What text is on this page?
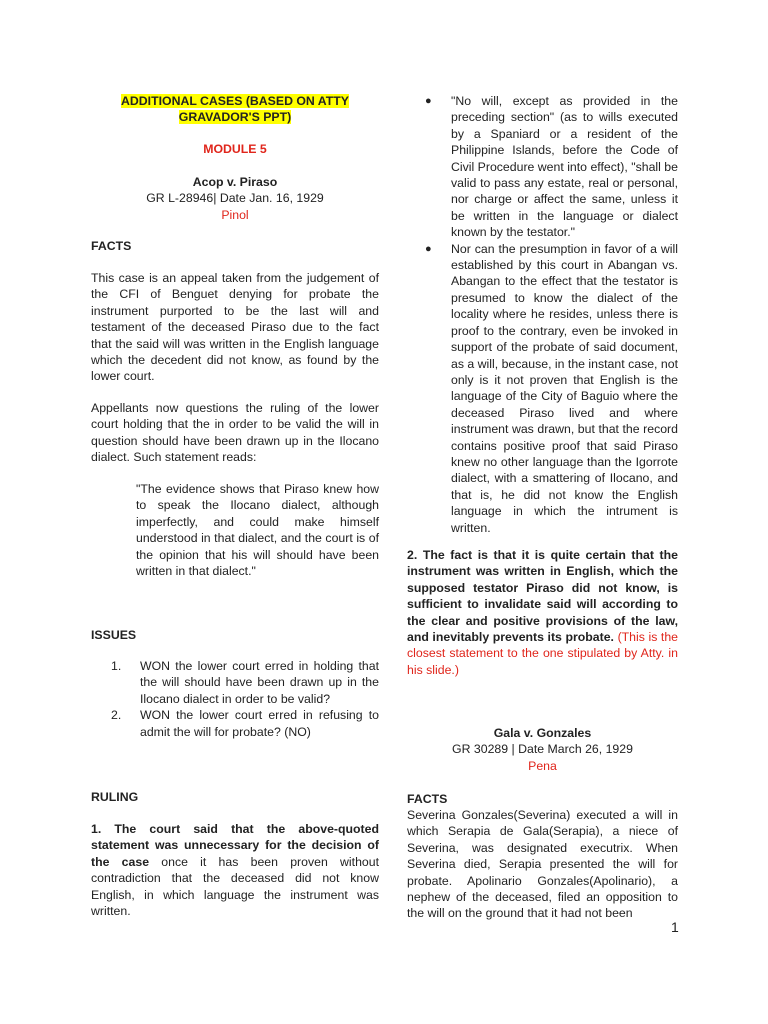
ADDITIONAL CASES (BASED ON ATTY
GRAVADOR'S PPT)
MODULE 5
Acop v. Piraso
GR L-28946| Date Jan. 16, 1929
Pinol
FACTS

This case is an appeal taken from the judgement of the CFI of Benguet denying for probate the instrument purported to be the last will and testament of the deceased Piraso due to the fact that the said will was written in the English language which the decedent did not know, as found by the lower court.

Appellants now questions the ruling of the lower court holding that the in order to be valid the will in question should have been drawn up in the Ilocano dialect. Such statement reads:

"The evidence shows that Piraso knew how to speak the Ilocano dialect, although imperfectly, and could make himself understood in that dialect, and the court is of the opinion that his will should have been written in that dialect."

ISSUES
1.	WON the lower court erred in holding that the will should have been drawn up in the Ilocano dialect in order to be valid?
2.	WON the lower court erred in refusing to admit the will for probate? (NO)
RULING

1. The court said that the above-quoted statement was unnecessary for the decision of the case once it has been proven without contradiction that the deceased did not know English, in which language the instrument was written.

● "No will, except as provided in the preceding section" (as to wills executed by a Spaniard or a resident of the Philippine Islands, before the Code of Civil Procedure went into effect), "shall be valid to pass any estate, real or personal, nor charge or affect the same, unless it be written in the language or dialect known by the testator."
● Nor can the presumption in favor of a will established by this court in Abangan vs. Abangan to the effect that the testator is presumed to know the dialect of the locality where he resides, unless there is proof to the contrary, even be invoked in support of the probate of said document, as a will, because, in the instant case, not only is it not proven that English is the language of the City of Baguio where the deceased Piraso lived and where instrument was drawn, but that the record contains positive proof that said Piraso knew no other language than the Igorrote dialect, with a smattering of Ilocano, and that is, he did not know the English language in which the intrument is written.

2. The fact is that it is quite certain that the instrument was written in English, which the supposed testator Piraso did not know, is sufficient to invalidate said will according to the clear and positive provisions of the law, and inevitably prevents its probate. (This is the closest statement to the one stipulated by Atty. in his slide.)

Gala v. Gonzales
GR 30289 | Date March 26, 1929
Pena
FACTS

Severina Gonzales(Severina) executed a will in which Serapia de Gala(Serapia), a niece of Severina, was designated executrix. When Severina died, Serapia presented the will for probate. Apolinario Gonzales(Apolinario), a nephew of the deceased, filed an opposition to the will on the ground that it had not been

1
